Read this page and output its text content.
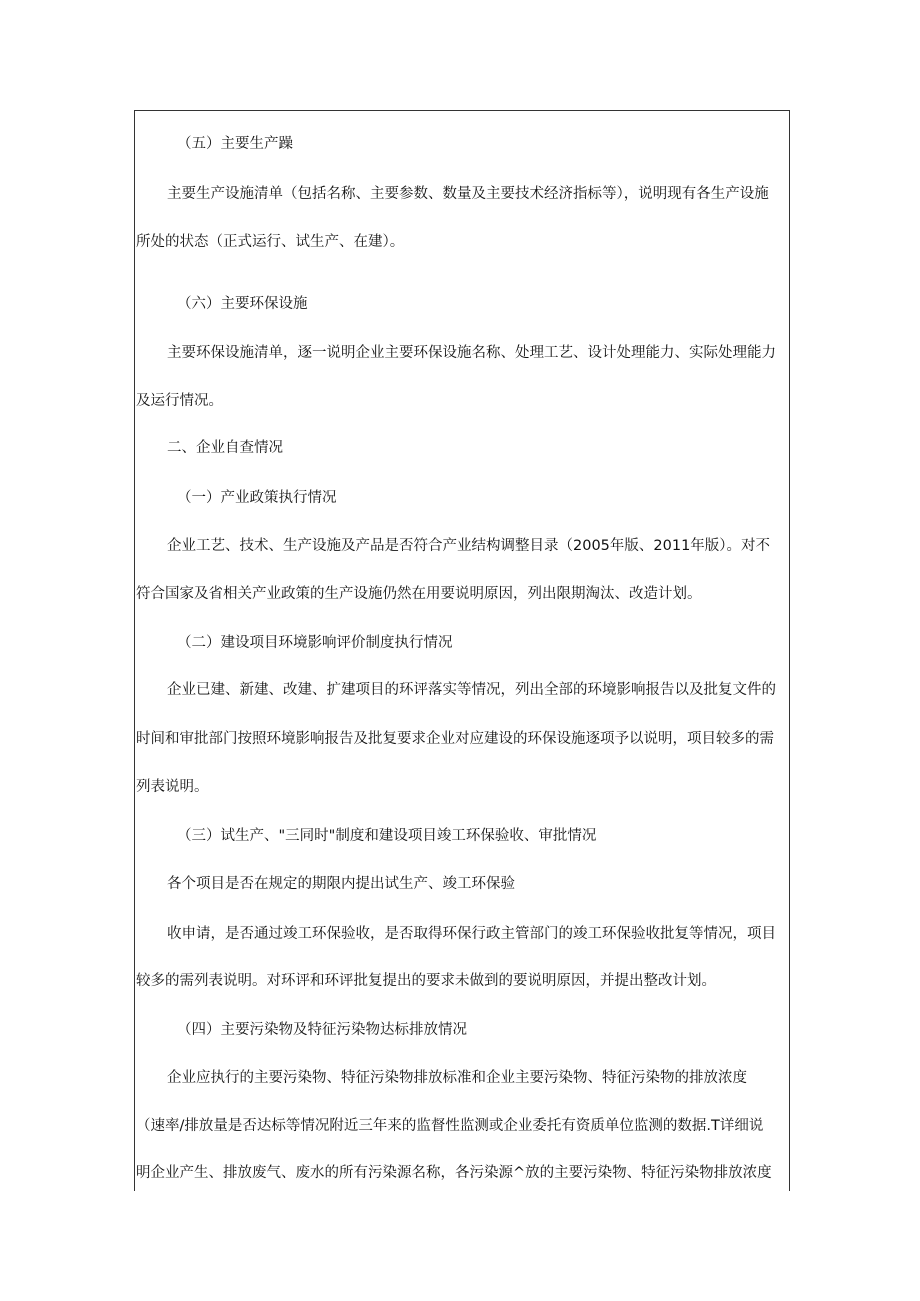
（五）主要生产躁
主要生产设施清单（包括名称、主要参数、数量及主要技术经济指标等），说明现有各生产设施
所处的状态（正式运行、试生产、在建）。
（六）主要环保设施
主要环保设施清单，逐一说明企业主要环保设施名称、处理工艺、设计处理能力、实际处理能力
及运行情况。
二、企业自查情况
（一）产业政策执行情况
企业工艺、技术、生产设施及产品是否符合产业结构调整目录（2005年版、2011年版）。对不
符合国家及省相关产业政策的生产设施仍然在用要说明原因，列出限期淘汰、改造计划。
（二）建设项目环境影响评价制度执行情况
企业已建、新建、改建、扩建项目的环评落实等情况，列出全部的环境影响报告以及批复文件的
时间和审批部门按照环境影响报告及批复要求企业对应建设的环保设施逐项予以说明，项目较多的需
列表说明。
（三）试生产、"三同时"制度和建设项目竣工环保验收、审批情况
各个项目是否在规定的期限内提出试生产、竣工环保验
收申请，是否通过竣工环保验收，是否取得环保行政主管部门的竣工环保验收批复等情况，项目
较多的需列表说明。对环评和环评批复提出的要求未做到的要说明原因，并提出整改计划。
（四）主要污染物及特征污染物达标排放情况
企业应执行的主要污染物、特征污染物排放标准和企业主要污染物、特征污染物的排放浓度
（速率/排放量是否达标等情况附近三年来的监督性监测或企业委托有资质单位监测的数据.T详细说
明企业产生、排放废气、废水的所有污染源名称，各污染源^放的主要污染物、特征污染物排放浓度
